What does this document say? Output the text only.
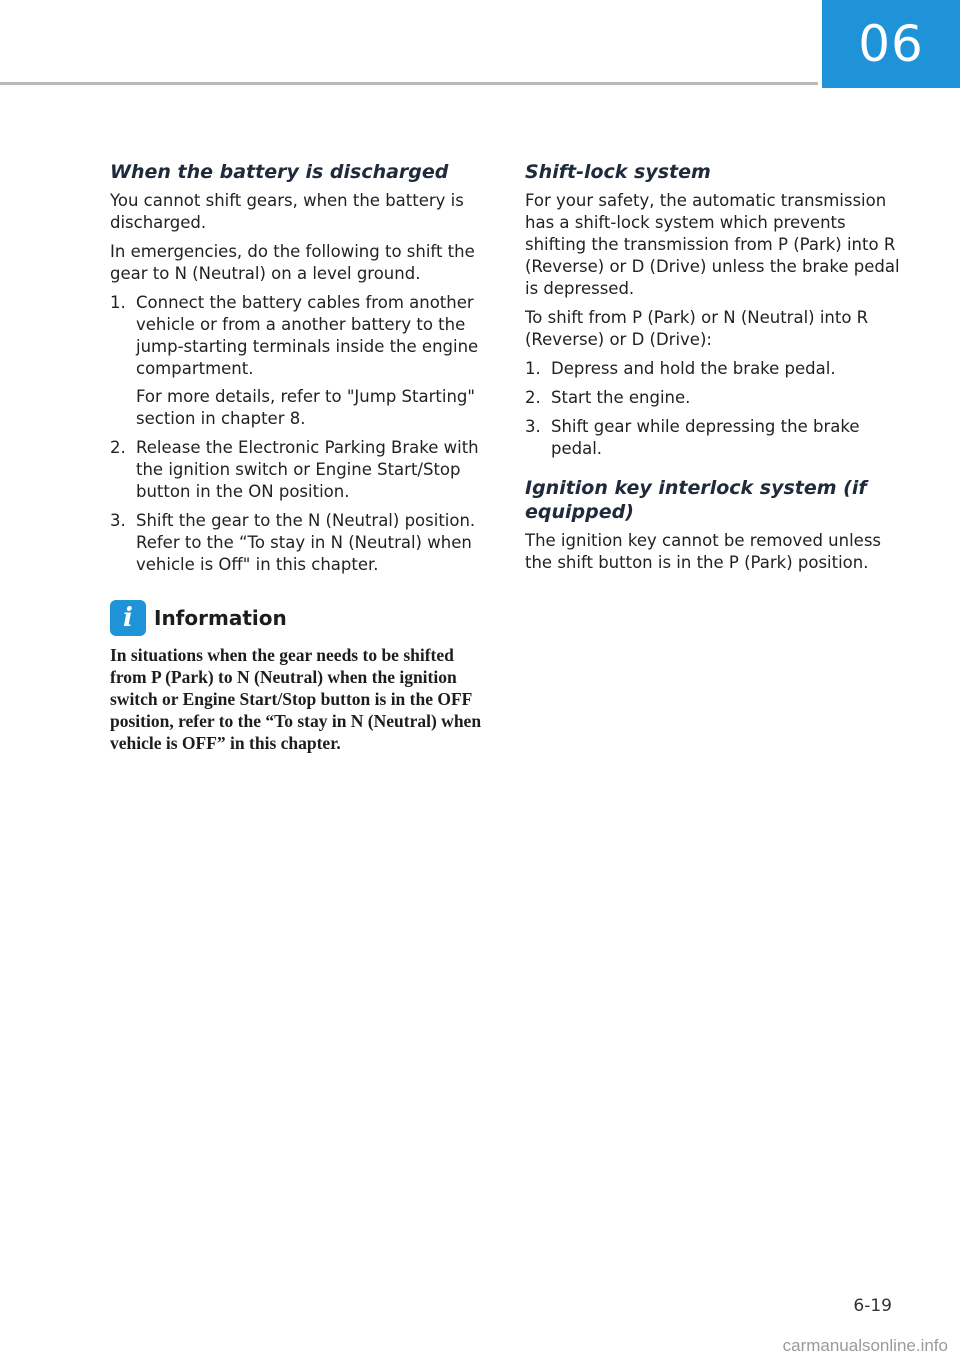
06
When the battery is discharged

You cannot shift gears, when the battery is discharged.

In emergencies, do the following to shift the gear to N (Neutral) on a level ground.

1. Connect the battery cables from another vehicle or from a another battery to the jump-starting terminals inside the engine compartment.
For more details, refer to "Jump Starting" section in chapter 8.
2. Release the Electronic Parking Brake with the ignition switch or Engine Start/Stop button in the ON position.
3. Shift the gear to the N (Neutral) position. Refer to the “To stay in N (Neutral) when vehicle is Off" in this chapter.
i	Information

In situations when the gear needs to be shifted from P (Park) to N (Neutral) when the ignition switch or Engine Start/Stop button is in the OFF position, refer to the “To stay in N (Neutral) when vehicle is OFF” in this chapter.

Shift-lock system

For your safety, the automatic transmission has a shift-lock system which prevents shifting the transmission from P (Park) into R (Reverse) or D (Drive) unless the brake pedal is depressed.

To shift from P (Park) or N (Neutral) into R (Reverse) or D (Drive):

1. Depress and hold the brake pedal.
2. Start the engine.
3. Shift gear while depressing the brake pedal.
Ignition key interlock system (if equipped)

The ignition key cannot be removed unless the shift button is in the P (Park) position.

6-19
carmanualsonline.info
